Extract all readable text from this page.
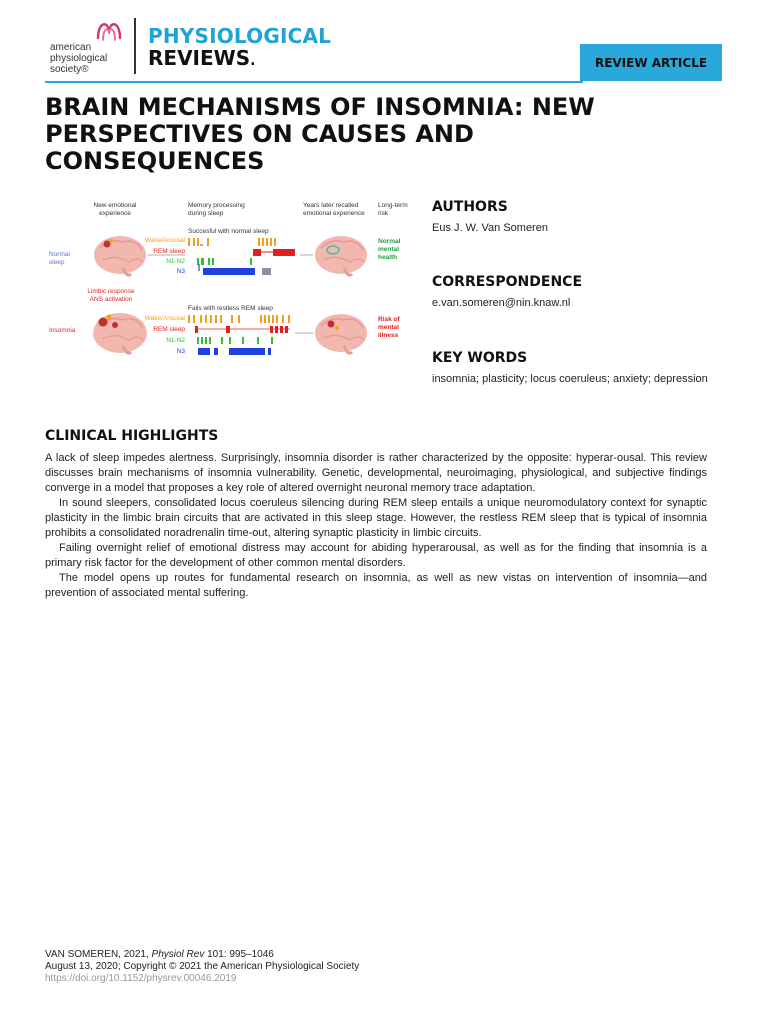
american
physiological
society®
PHYSIOLOGICAL
REVIEWS.	REVIEW ARTICLE
BRAIN MECHANISMS OF INSOMNIA: NEW PERSPECTIVES ON CAUSES AND CONSEQUENCES
New emotional
experience
Memory processing
during sleep
Years later recalled
emotional experience
Long-term
risk
Normal
sleep
Insomnia
Limbic response
ANS activation
Succesful with normal sleep
Fails with restless REM sleep
Wake/Arousal
REM sleep
N1-N2
N3
Wake/Arousal
REM sleep
N1-N2
N3
Normal
mental
health
Risk of
mental
illness
AUTHORS

Eus J. W. Van Someren

CORRESPONDENCE

e.van.someren@nin.knaw.nl

KEY WORDS

insomnia; plasticity; locus coeruleus; anxiety; depression

CLINICAL HIGHLIGHTS

A lack of sleep impedes alertness. Surprisingly, insomnia disorder is rather characterized by the opposite: hyperar-ousal. This review discusses brain mechanisms of insomnia vulnerability. Genetic, developmental, neuroimaging, physiological, and subjective findings converge in a model that proposes a key role of altered overnight neuronal memory trace adaptation.

In sound sleepers, consolidated locus coeruleus silencing during REM sleep entails a unique neuromodulatory context for synaptic plasticity in the limbic brain circuits that are activated in this sleep stage. However, the restless REM sleep that is typical of insomnia prohibits a consolidated noradrenalin time-out, altering synaptic plasticity in limbic circuits.

Failing overnight relief of emotional distress may account for abiding hyperarousal, as well as for the finding that insomnia is a primary risk factor for the development of other common mental disorders.

The model opens up routes for fundamental research on insomnia, as well as new vistas on intervention of insomnia—and prevention of associated mental suffering.

VAN SOMEREN, 2021, Physiol Rev 101: 995–1046
August 13, 2020; Copyright © 2021 the American Physiological Society
https://doi.org/10.1152/physrev.00046.2019
